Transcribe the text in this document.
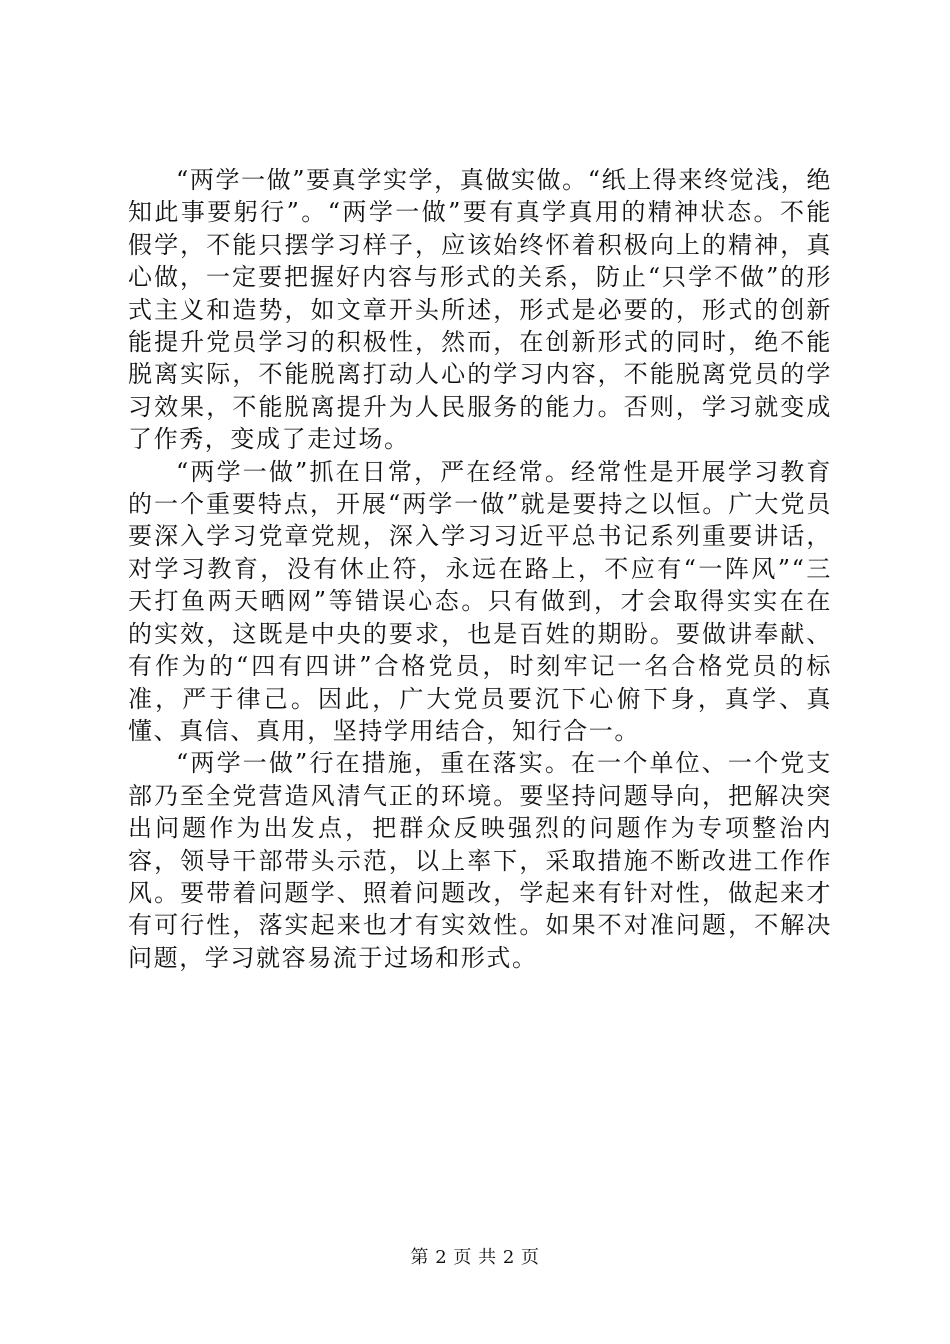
“两学一做”要真学实学，真做实做。“纸上得来终觉浅，绝知此事要躬行”。“两学一做”要有真学真用的精神状态。不能假学，不能只摆学习样子，应该始终怀着积极向上的精神，真心做，一定要把握好内容与形式的关系，防止“只学不做”的形式主义和造势，如文章开头所述，形式是必要的，形式的创新能提升党员学习的积极性，然而，在创新形式的同时，绝不能脱离实际，不能脱离打动人心的学习内容，不能脱离党员的学习效果，不能脱离提升为人民服务的能力。否则，学习就变成了作秀，变成了走过场。

“两学一做”抓在日常，严在经常。经常性是开展学习教育的一个重要特点，开展“两学一做”就是要持之以恒。广大党员要深入学习党章党规，深入学习习近平总书记系列重要讲话，对学习教育，没有休止符，永远在路上，不应有“一阵风”“三天打鱼两天晒网”等错误心态。只有做到，才会取得实实在在的实效，这既是中央的要求，也是百姓的期盼。要做讲奉献、有作为的“四有四讲”合格党员，时刻牢记一名合格党员的标准，严于律己。因此，广大党员要沉下心俯下身，真学、真懂、真信、真用，坚持学用结合，知行合一。

“两学一做”行在措施，重在落实。在一个单位、一个党支部乃至全党营造风清气正的环境。要坚持问题导向，把解决突出问题作为出发点，把群众反映强烈的问题作为专项整治内容，领导干部带头示范，以上率下，采取措施不断改进工作作风。要带着问题学、照着问题改，学起来有针对性，做起来才有可行性，落实起来也才有实效性。如果不对准问题，不解决问题，学习就容易流于过场和形式。

第 2 页 共 2 页
